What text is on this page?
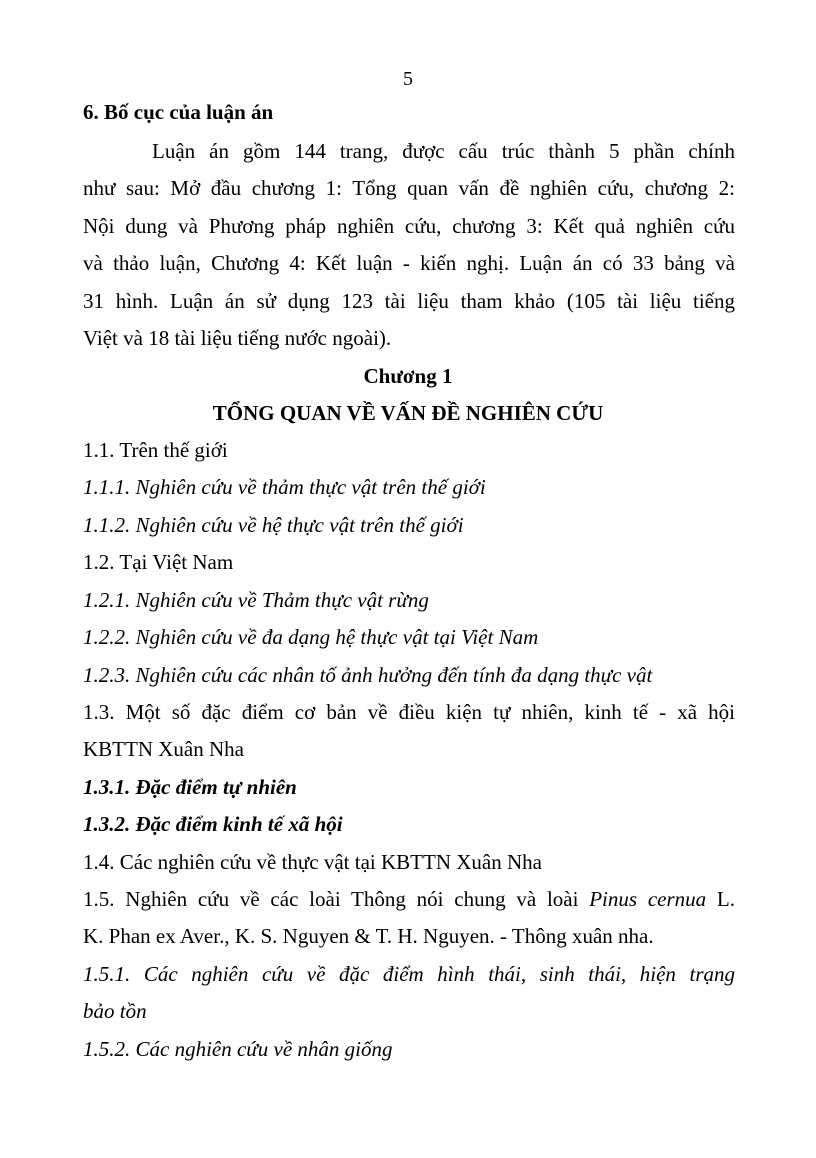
5
6. Bố cục của luận án
Luận án gồm 144 trang, được cấu trúc thành 5 phần chính
như sau: Mở đầu chương 1: Tổng quan vấn đề nghiên cứu, chương 2:
Nội dung và Phương pháp nghiên cứu, chương 3: Kết quả nghiên cứu
và thảo luận, Chương 4: Kết luận - kiến nghị. Luận án có 33 bảng và
31 hình. Luận án sử dụng 123 tài liệu tham khảo (105 tài liệu tiếng
Việt và 18 tài liệu tiếng nước ngoài).
Chương 1
TỔNG QUAN VỀ VẤN ĐỀ NGHIÊN CỨU
1.1. Trên thế giới
1.1.1. Nghiên cứu về thảm thực vật trên thế giới
1.1.2. Nghiên cứu về hệ thực vật trên thế giới
1.2. Tại Việt Nam
1.2.1. Nghiên cứu về Thảm thực vật rừng
1.2.2. Nghiên cứu về đa dạng hệ thực vật tại Việt Nam
1.2.3. Nghiên cứu các nhân tố ảnh hưởng đến tính đa dạng thực vật
1.3. Một số đặc điểm cơ bản về điều kiện tự nhiên, kinh tế - xã hội
KBTTN Xuân Nha
1.3.1. Đặc điểm tự nhiên
1.3.2. Đặc điểm kinh tế xã hội
1.4. Các nghiên cứu về thực vật tại KBTTN Xuân Nha
1.5. Nghiên cứu về các loài Thông nói chung và loài Pinus cernua L.
K. Phan ex Aver., K. S. Nguyen & T. H. Nguyen. - Thông xuân nha.
1.5.1. Các nghiên cứu về đặc điểm hình thái, sinh thái, hiện trạng
bảo tồn
1.5.2. Các nghiên cứu về nhân giống
